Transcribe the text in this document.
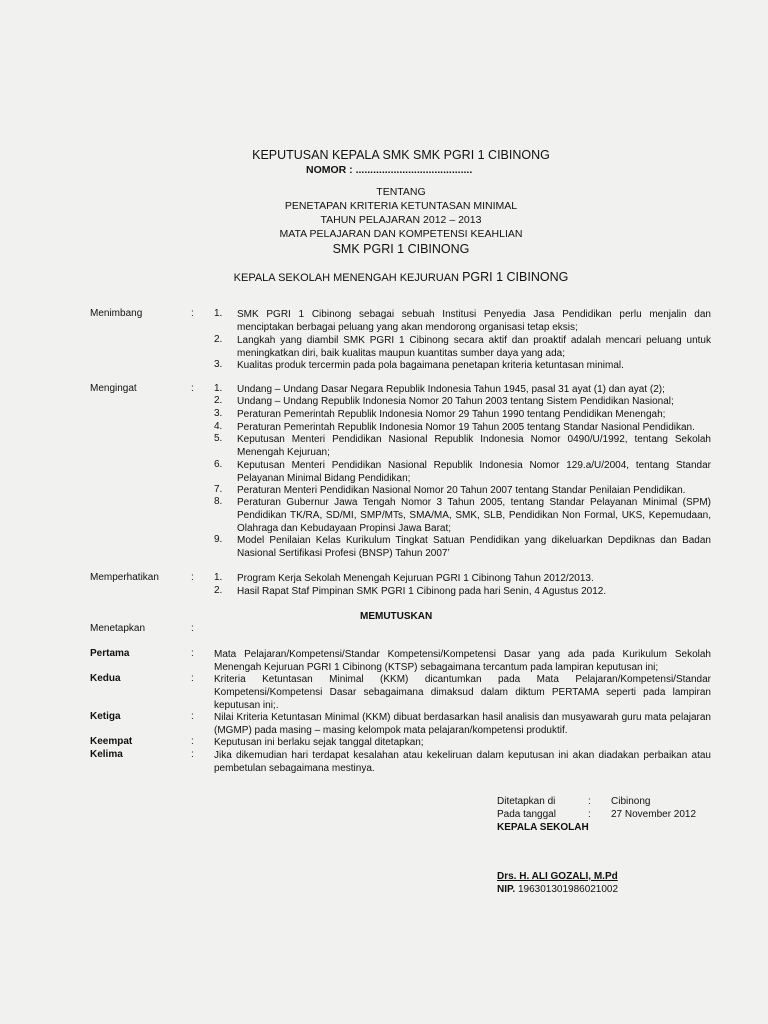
KEPUTUSAN KEPALA SMK SMK PGRI 1 CIBINONG
NOMOR : ........................................
TENTANG
PENETAPAN KRITERIA KETUNTASAN MINIMAL
TAHUN PELAJARAN 2012 – 2013
MATA PELAJARAN DAN KOMPETENSI KEAHLIAN
SMK PGRI 1 CIBINONG
KEPALA SEKOLAH MENENGAH KEJURUAN PGRI 1 CIBINONG
Menimbang	: 1. SMK PGRI 1 Cibinong sebagai sebuah Institusi Penyedia Jasa Pendidikan perlu menjalin dan menciptakan berbagai peluang yang akan mendorong organisasi tetap eksis;
2. Langkah yang diambil SMK PGRI 1 Cibinong secara aktif dan proaktif adalah mencari peluang untuk meningkatkan diri, baik kualitas maupun kuantitas sumber daya yang ada;
3. Kualitas produk tercermin pada pola bagaimana penetapan kriteria ketuntasan minimal.
Mengingat	: 1. Undang – Undang Dasar Negara Republik Indonesia Tahun 1945, pasal 31 ayat (1) dan ayat (2);
2. Undang – Undang Republik Indonesia Nomor 20 Tahun 2003 tentang Sistem Pendidikan Nasional;
3. Peraturan Pemerintah Republik Indonesia Nomor 29 Tahun 1990 tentang Pendidikan Menengah;
4. Peraturan Pemerintah Republik Indonesia Nomor 19 Tahun 2005 tentang Standar Nasional Pendidikan.
5. Keputusan Menteri Pendidikan Nasional Republik Indonesia Nomor 0490/U/1992, tentang Sekolah Menengah Kejuruan;
6. Keputusan Menteri Pendidikan Nasional Republik Indonesia Nomor 129.a/U/2004, tentang Standar Pelayanan Minimal Bidang Pendidikan;
7. Peraturan Menteri Pendidikan Nasional Nomor 20 Tahun 2007 tentang Standar Penilaian Pendidikan.
8. Peraturan Gubernur Jawa Tengah Nomor 3 Tahun 2005, tentang Standar Pelayanan Minimal (SPM) Pendidikan TK/RA, SD/MI, SMP/MTs, SMA/MA, SMK, SLB, Pendidikan Non Formal, UKS, Kepemudaan, Olahraga dan Kebudayaan Propinsi Jawa Barat;
9. Model Penilaian Kelas Kurikulum Tingkat Satuan Pendidikan yang dikeluarkan Depdiknas dan Badan Nasional Sertifikasi Profesi (BNSP) Tahun 2007’
Memperhatikan	: 1. Program Kerja Sekolah Menengah Kejuruan PGRI 1 Cibinong Tahun 2012/2013.
2. Hasil Rapat Staf Pimpinan SMK PGRI 1 Cibinong pada hari Senin, 4 Agustus 2012.
MEMUTUSKAN
Menetapkan	:
Pertama	: Mata Pelajaran/Kompetensi/Standar Kompetensi/Kompetensi Dasar yang ada pada Kurikulum Sekolah Menengah Kejuruan PGRI 1 Cibinong (KTSP) sebagaimana tercantum pada lampiran keputusan ini;
Kedua	: Kriteria Ketuntasan Minimal (KKM) dicantumkan pada Mata Pelajaran/Kompetensi/Standar Kompetensi/Kompetensi Dasar sebagaimana dimaksud dalam diktum PERTAMA seperti pada lampiran keputusan ini;.
Ketiga	: Nilai Kriteria Ketuntasan Minimal (KKM) dibuat berdasarkan hasil analisis dan musyawarah guru mata pelajaran (MGMP) pada masing – masing kelompok mata pelajaran/kompetensi produktif.
Keempat	: Keputusan ini berlaku sejak tanggal ditetapkan;
Kelima	: Jika dikemudian hari terdapat kesalahan atau kekeliruan dalam keputusan ini akan diadakan perbaikan atau pembetulan sebagaimana mestinya.
Ditetapkan di	: Cibinong
Pada tanggal	: 27 November 2012
KEPALA SEKOLAH
Drs. H. ALI GOZALI, M.Pd
NIP. 196301301986021002
